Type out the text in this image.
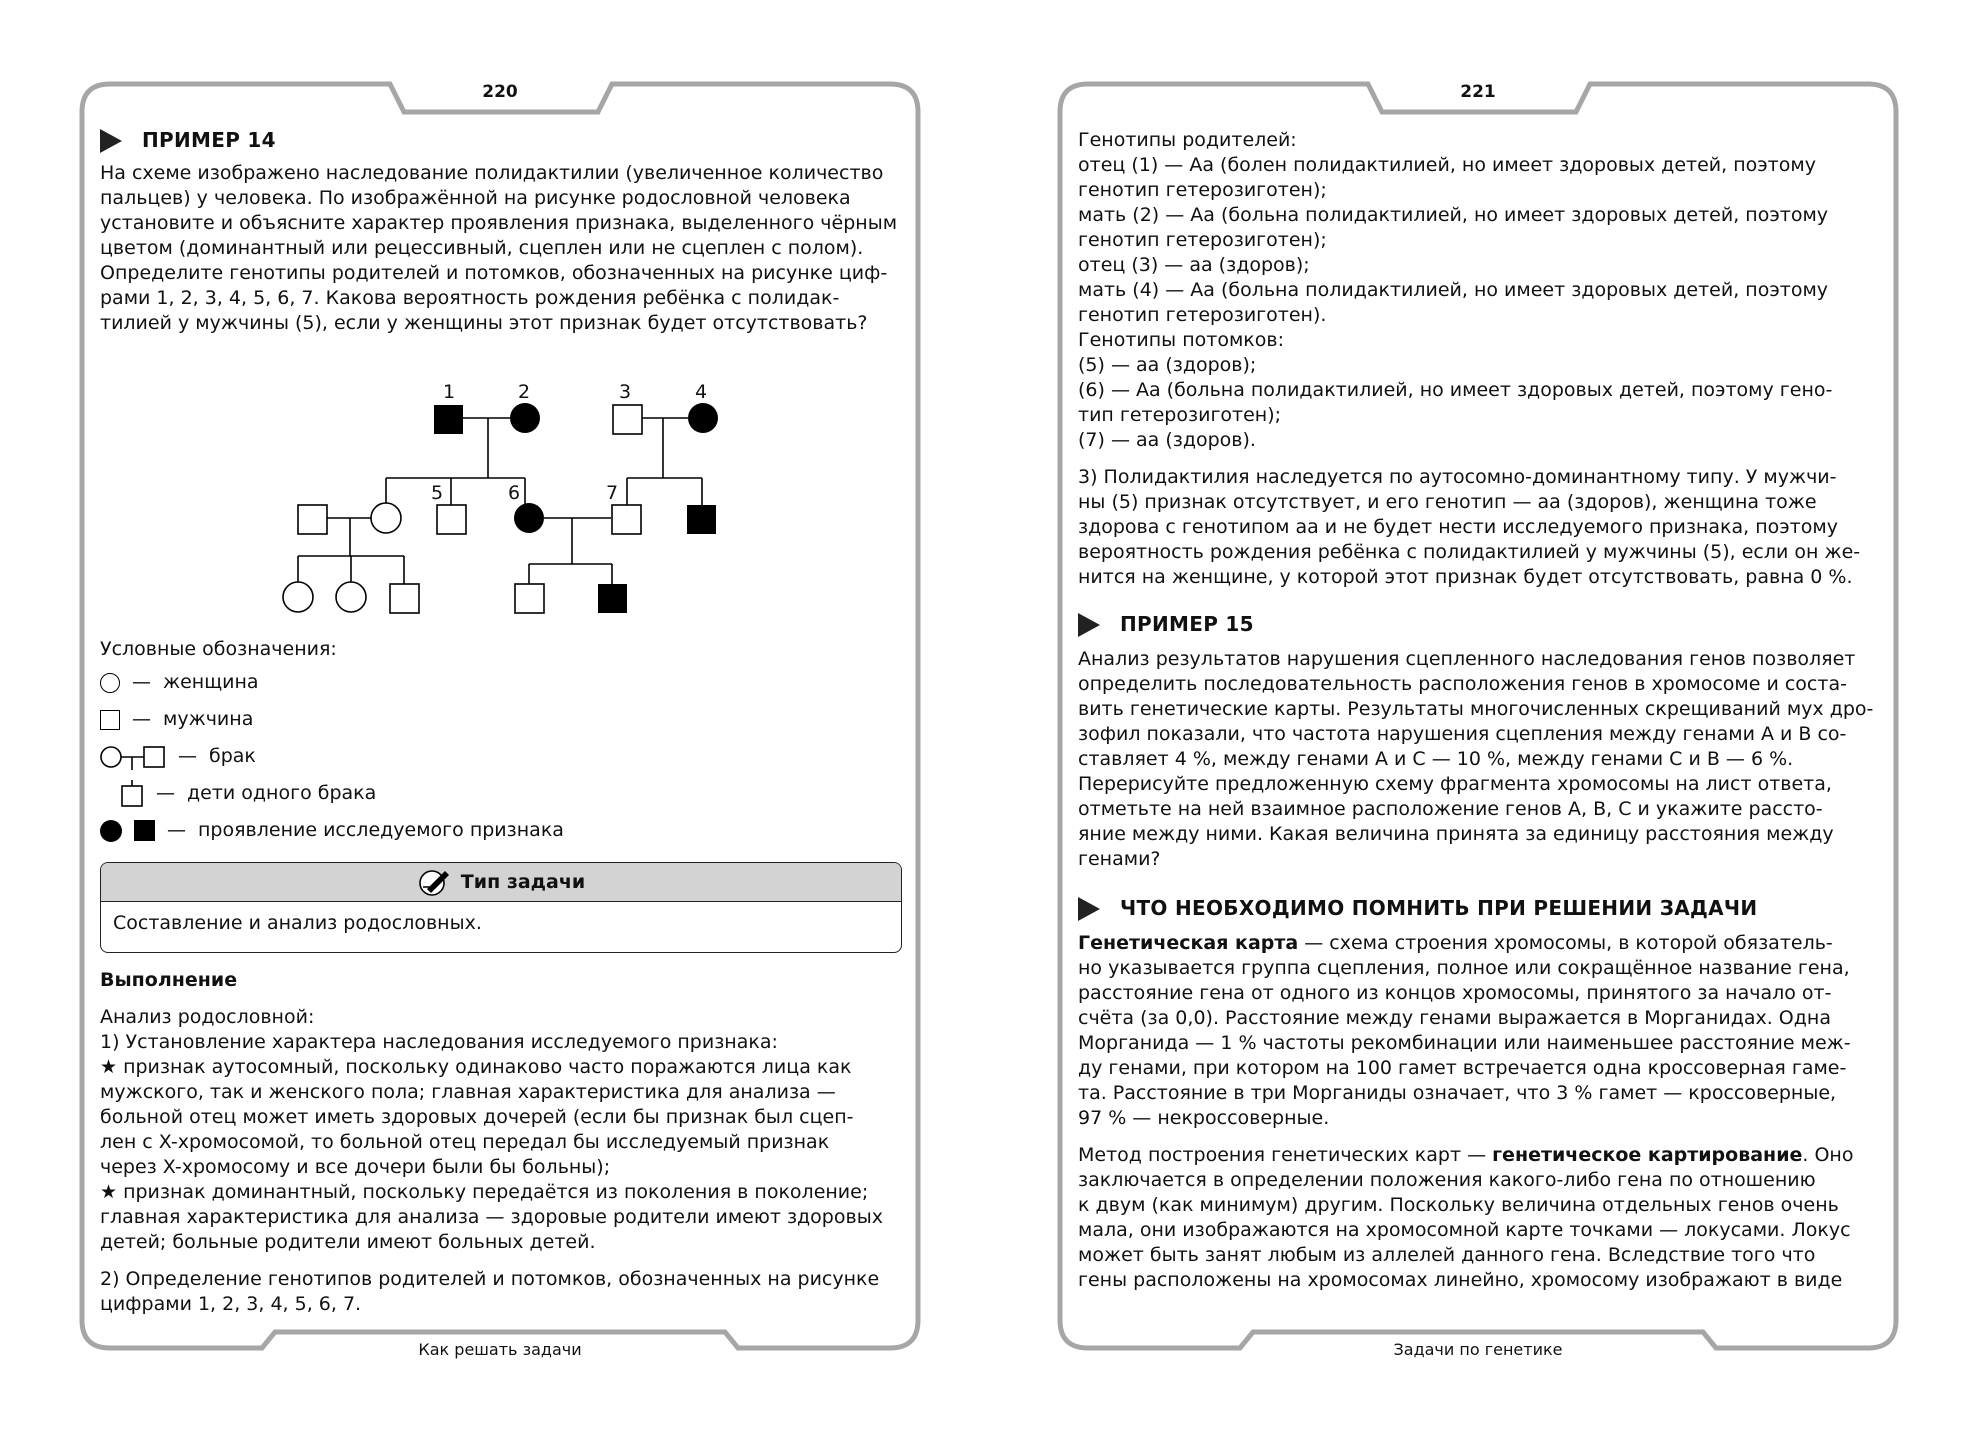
220	221
Как решать задачи	Задачи по генетике
ПРИМЕР 14

На схеме изображено наследование полидактилии (увеличенное количество

пальцев) у человека. По изображённой на рисунке родословной человека

установите и объясните характер проявления признака, выделенного чёрным

цветом (доминантный или рецессивный, сцеплен или не сцеплен с полом).

Определите генотипы родителей и потомков, обозначенных на рисунке циф-

рами 1, 2, 3, 4, 5, 6, 7. Какова вероятность рождения ребёнка с полидак-

тилией у мужчины (5), если у женщины этот признак будет отсутствовать?

1	2	3	4
5	6	7
Условные обозначения:
— женщина
— мужчина
— брак
— дети одного брака
— проявление исследуемого признака
Тип задачи
Составление и анализ родословных.
Выполнение

Анализ родословной:

1) Установление характера наследования исследуемого признака:

★ признак аутосомный, поскольку одинаково часто поражаются лица как

мужского, так и женского пола; главная характеристика для анализа —

больной отец может иметь здоровых дочерей (если бы признак был сцеп-

лен с X-хромосомой, то больной отец передал бы исследуемый признак

через X-хромосому и все дочери были бы больны);

★ признак доминантный, поскольку передаётся из поколения в поколение;

главная характеристика для анализа — здоровые родители имеют здоровых

детей; больные родители имеют больных детей.

2) Определение генотипов родителей и потомков, обозначенных на рисунке

цифрами 1, 2, 3, 4, 5, 6, 7.

Генотипы родителей:

отец (1) — Аа (болен полидактилией, но имеет здоровых детей, поэтому

генотип гетерозиготен);

мать (2) — Аа (больна полидактилией, но имеет здоровых детей, поэтому

генотип гетерозиготен);

отец (3) — аа (здоров);

мать (4) — Аа (больна полидактилией, но имеет здоровых детей, поэтому

генотип гетерозиготен).

Генотипы потомков:

(5) — аа (здоров);

(6) — Аа (больна полидактилией, но имеет здоровых детей, поэтому гено-

тип гетерозиготен);

(7) — аа (здоров).

3) Полидактилия наследуется по аутосомно-доминантному типу. У мужчи-

ны (5) признак отсутствует, и его генотип — аа (здоров), женщина тоже

здорова с генотипом аа и не будет нести исследуемого признака, поэтому

вероятность рождения ребёнка с полидактилией у мужчины (5), если он же-

нится на женщине, у которой этот признак будет отсутствовать, равна 0 %.

ПРИМЕР 15

Анализ результатов нарушения сцепленного наследования генов позволяет

определить последовательность расположения генов в хромосоме и соста-

вить генетические карты. Результаты многочисленных скрещиваний мух дро-

зофил показали, что частота нарушения сцепления между генами А и В со-

ставляет 4 %, между генами А и С — 10 %, между генами С и В — 6 %.

Перерисуйте предложенную схему фрагмента хромосомы на лист ответа,

отметьте на ней взаимное расположение генов А, В, С и укажите рассто-

яние между ними. Какая величина принята за единицу расстояния между

генами?

ЧТО НЕОБХОДИМО ПОМНИТЬ ПРИ РЕШЕНИИ ЗАДАЧИ

Генетическая карта — схема строения хромосомы, в которой обязатель-

но указывается группа сцепления, полное или сокращённое название гена,

расстояние гена от одного из концов хромосомы, принятого за начало от-

счёта (за 0,0). Расстояние между генами выражается в Морганидах. Одна

Морганида — 1 % частоты рекомбинации или наименьшее расстояние меж-

ду генами, при котором на 100 гамет встречается одна кроссоверная гаме-

та. Расстояние в три Морганиды означает, что 3 % гамет — кроссоверные,

97 % — некроссоверные.

Метод построения генетических карт — генетическое картирование. Оно

заключается в определении положения какого-либо гена по отношению

к двум (как минимум) другим. Поскольку величина отдельных генов очень

мала, они изображаются на хромосомной карте точками — локусами. Локус

может быть занят любым из аллелей данного гена. Вследствие того что

гены расположены на хромосомах линейно, хромосому изображают в виде
